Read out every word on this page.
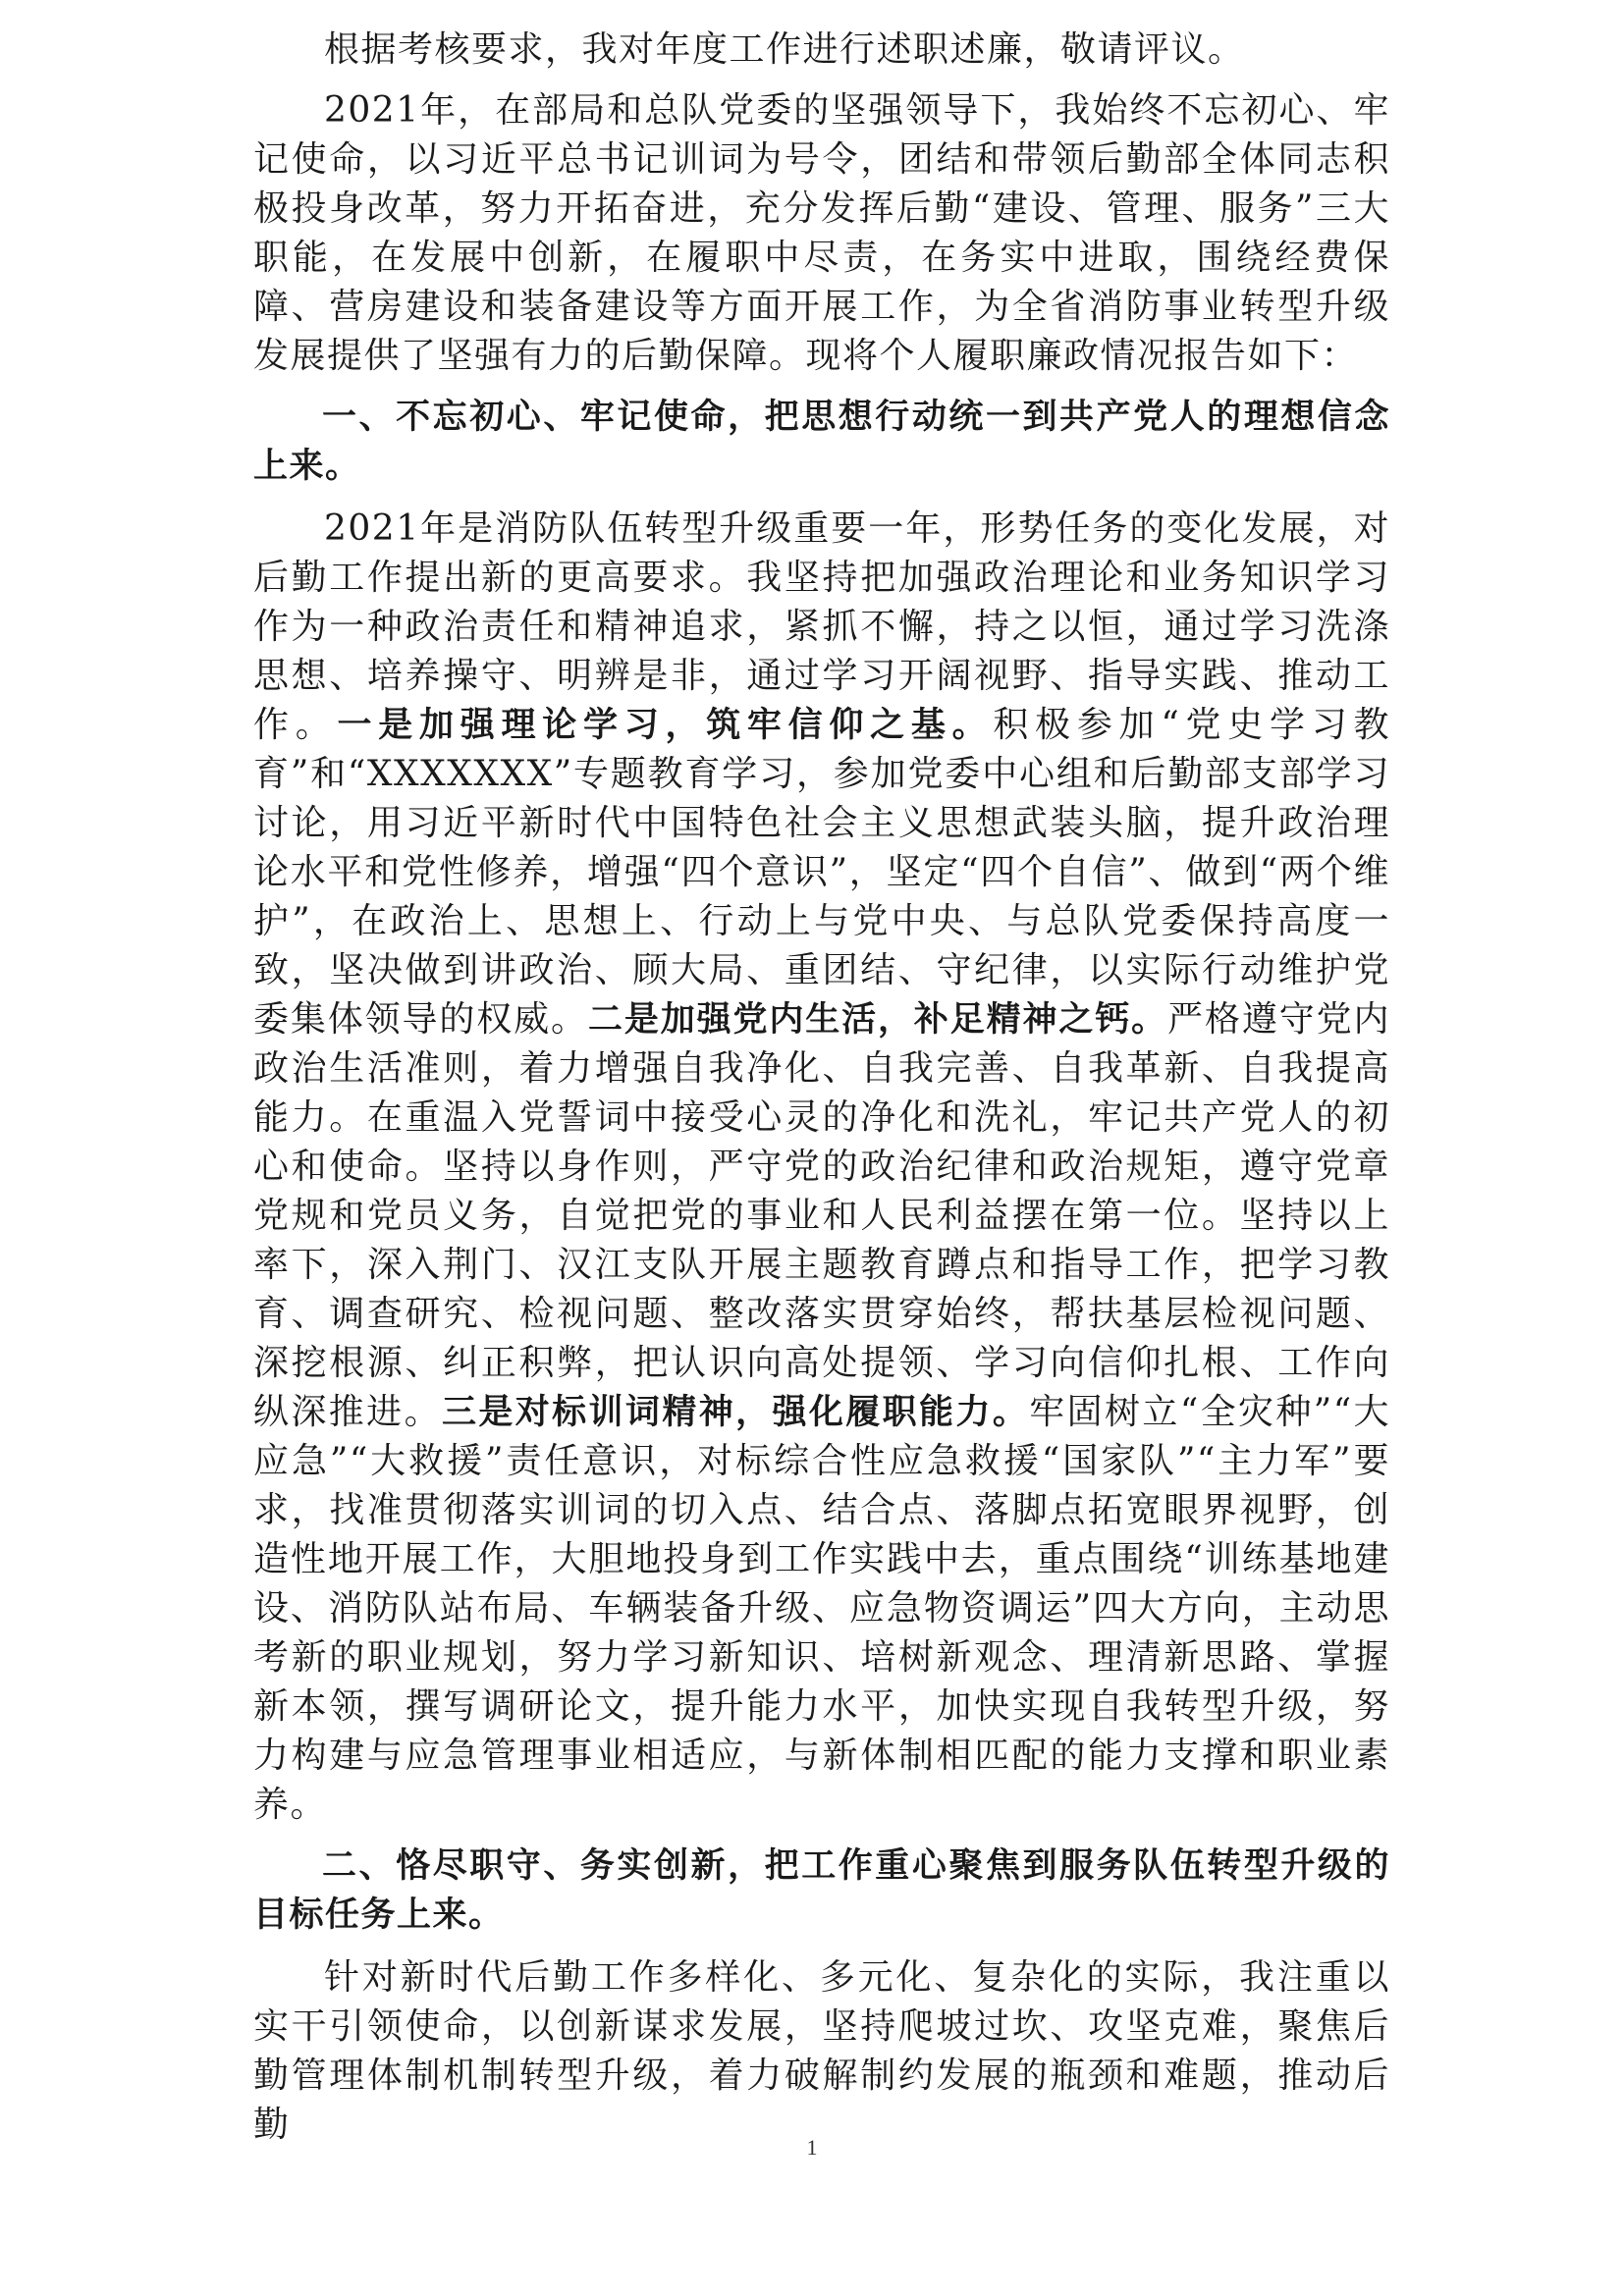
根据考核要求，我对年度工作进行述职述廉，敬请评议。

2021年，在部局和总队党委的坚强领导下，我始终不忘初心、牢记使命，以习近平总书记训词为号令，团结和带领后勤部全体同志积极投身改革，努力开拓奋进，充分发挥后勤“建设、管理、服务”三大职能，在发展中创新，在履职中尽责，在务实中进取，围绕经费保障、营房建设和装备建设等方面开展工作，为全省消防事业转型升级发展提供了坚强有力的后勤保障。现将个人履职廉政情况报告如下：

一、不忘初心、牢记使命，把思想行动统一到共产党人的理想信念上来。

2021年是消防队伍转型升级重要一年，形势任务的变化发展，对后勤工作提出新的更高要求。我坚持把加强政治理论和业务知识学习作为一种政治责任和精神追求，紧抓不懈，持之以恒，通过学习洗涤思想、培养操守、明辨是非，通过学习开阔视野、指导实践、推动工作。一是加强理论学习，筑牢信仰之基。积极参加“党史学习教育”和“XXXXXXX”专题教育学习，参加党委中心组和后勤部支部学习讨论，用习近平新时代中国特色社会主义思想武装头脑，提升政治理论水平和党性修养，增强“四个意识”，坚定“四个自信”、做到“两个维护”，在政治上、思想上、行动上与党中央、与总队党委保持高度一致，坚决做到讲政治、顾大局、重团结、守纪律，以实际行动维护党委集体领导的权威。二是加强党内生活，补足精神之钙。严格遵守党内政治生活准则，着力增强自我净化、自我完善、自我革新、自我提高能力。在重温入党誓词中接受心灵的净化和洗礼，牢记共产党人的初心和使命。坚持以身作则，严守党的政治纪律和政治规矩，遵守党章党规和党员义务，自觉把党的事业和人民利益摆在第一位。坚持以上率下，深入荆门、汉江支队开展主题教育蹲点和指导工作，把学习教育、调查研究、检视问题、整改落实贯穿始终，帮扶基层检视问题、深挖根源、纠正积弊，把认识向高处提领、学习向信仰扎根、工作向纵深推进。三是对标训词精神，强化履职能力。牢固树立“全灾种”“大应急”“大救援”责任意识，对标综合性应急救援“国家队”“主力军”要求，找准贯彻落实训词的切入点、结合点、落脚点拓宽眼界视野，创造性地开展工作，大胆地投身到工作实践中去，重点围绕“训练基地建设、消防队站布局、车辆装备升级、应急物资调运”四大方向，主动思考新的职业规划，努力学习新知识、培树新观念、理清新思路、掌握新本领，撰写调研论文，提升能力水平，加快实现自我转型升级，努力构建与应急管理事业相适应，与新体制相匹配的能力支撑和职业素养。

二、恪尽职守、务实创新，把工作重心聚焦到服务队伍转型升级的目标任务上来。

针对新时代后勤工作多样化、多元化、复杂化的实际，我注重以实干引领使命，以创新谋求发展，坚持爬坡过坎、攻坚克难，聚焦后勤管理体制机制转型升级，着力破解制约发展的瓶颈和难题，推动后勤

1
